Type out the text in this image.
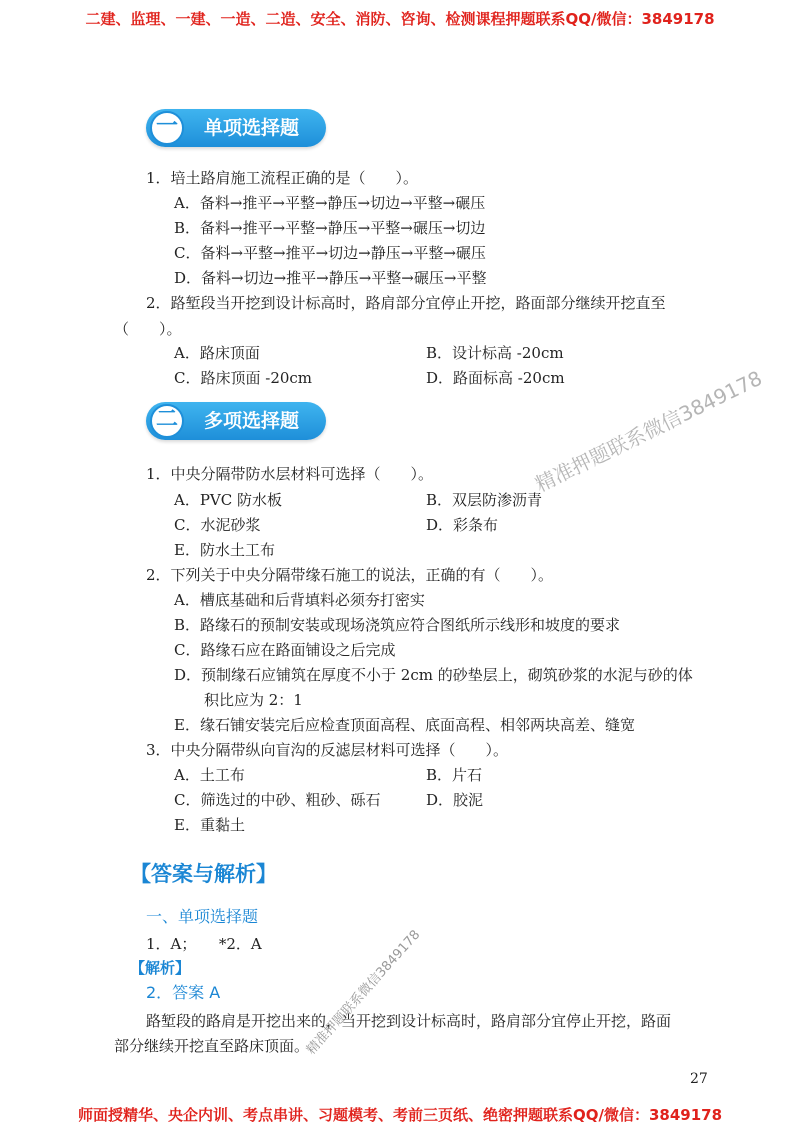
二建、监理、一建、一造、二造、安全、消防、咨询、检测课程押题联系QQ/微信：3849178
师面授精华、央企内训、考点串讲、习题模考、考前三页纸、绝密押题联系QQ/微信：3849178
一	单项选择题
1．培土路肩施工流程正确的是（　　）。
A．备料→推平→平整→静压→切边→平整→碾压
B．备料→推平→平整→静压→平整→碾压→切边
C．备料→平整→推平→切边→静压→平整→碾压
D．备料→切边→推平→静压→平整→碾压→平整
2．路堑段当开挖到设计标高时，路肩部分宜停止开挖，路面部分继续开挖直至
（　　）。
A．路床顶面	B．设计标高 -20cm
C．路床顶面 -20cm	D．路面标高 -20cm
二	多项选择题
1．中央分隔带防水层材料可选择（　　）。
A．PVC 防水板	B．双层防渗沥青
C．水泥砂浆	D．彩条布
E．防水土工布
2．下列关于中央分隔带缘石施工的说法，正确的有（　　）。
A．槽底基础和后背填料必须夯打密实
B．路缘石的预制安装或现场浇筑应符合图纸所示线形和坡度的要求
C．路缘石应在路面铺设之后完成
D．预制缘石应铺筑在厚度不小于 2cm 的砂垫层上，砌筑砂浆的水泥与砂的体
积比应为 2：1
E．缘石铺安装完后应检查顶面高程、底面高程、相邻两块高差、缝宽
3．中央分隔带纵向盲沟的反滤层材料可选择（　　）。
A．土工布	B．片石
C．筛选过的中砂、粗砂、砾石	D．胶泥
E．重黏土
【答案与解析】
一、单项选择题
1．A；　　*2．A
【解析】
2．答案 A
路堑段的路肩是开挖出来的，当开挖到设计标高时，路肩部分宜停止开挖，路面
部分继续开挖直至路床顶面。
27
精准押题联系微信3849178
精准押题联系微信3849178
